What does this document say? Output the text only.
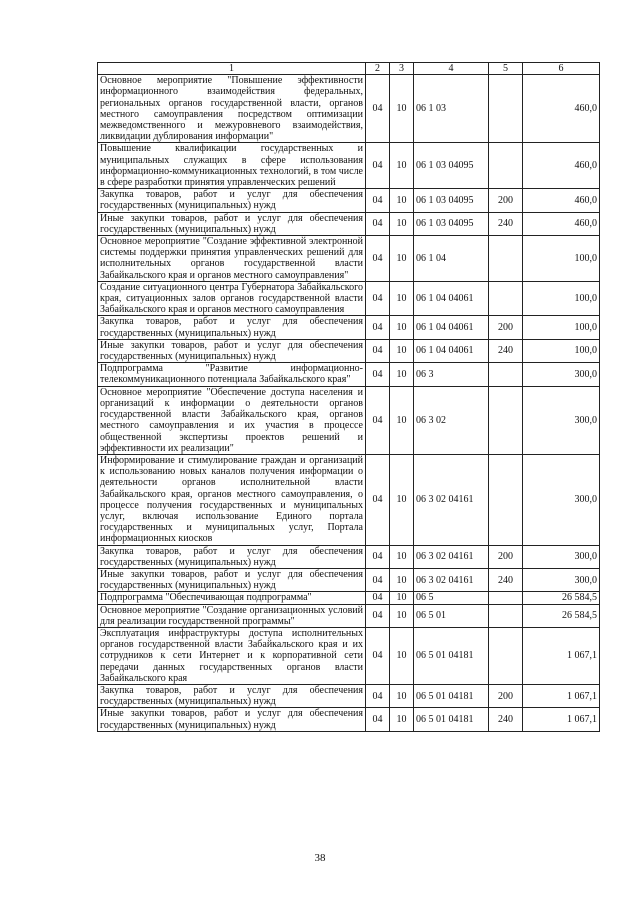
1	2	3	4	5	6
Основное мероприятие "Повышение эффективности информационного взаимодействия федеральных, региональных органов государственной власти, органов местного самоуправления посредством оптимизации межведомственного и межуровневого взаимодействия, ликвидации дублирования информации"	04	10	06 1 03		460,0
Повышение квалификации государственных и муниципальных служащих в сфере использования информационно-коммуникационных технологий, в том числе в сфере разработки принятия управленческих решений	04	10	06 1 03 04095		460,0
Закупка товаров, работ и услуг для обеспечения государственных (муниципальных) нужд	04	10	06 1 03 04095	200	460,0
Иные закупки товаров, работ и услуг для обеспечения государственных (муниципальных) нужд	04	10	06 1 03 04095	240	460,0
Основное мероприятие "Создание эффективной электронной системы поддержки принятия управленческих решений для исполнительных органов государственной власти Забайкальского края и органов местного самоуправления"	04	10	06 1 04		100,0
Создание ситуационного центра Губернатора Забайкальского края, ситуационных залов органов государственной власти Забайкальского края и органов местного самоуправления	04	10	06 1 04 04061		100,0
Закупка товаров, работ и услуг для обеспечения государственных (муниципальных) нужд	04	10	06 1 04 04061	200	100,0
Иные закупки товаров, работ и услуг для обеспечения государственных (муниципальных) нужд	04	10	06 1 04 04061	240	100,0
Подпрограмма "Развитие информационно-телекоммуникационного потенциала Забайкальского края"	04	10	06 3		300,0
Основное мероприятие "Обеспечение доступа населения и организаций к информации о деятельности органов государственной власти Забайкальского края, органов местного самоуправления и их участия в процессе общественной экспертизы проектов решений и эффективности их реализации"	04	10	06 3 02		300,0
Информирование и стимулирование граждан и организаций к использованию новых каналов получения информации о деятельности органов исполнительной власти Забайкальского края, органов местного самоуправления, о процессе получения государственных и муниципальных услуг, включая использование Единого портала государственных и муниципальных услуг, Портала информационных киосков	04	10	06 3 02 04161		300,0
Закупка товаров, работ и услуг для обеспечения государственных (муниципальных) нужд	04	10	06 3 02 04161	200	300,0
Иные закупки товаров, работ и услуг для обеспечения государственных (муниципальных) нужд	04	10	06 3 02 04161	240	300,0
Подпрограмма "Обеспечивающая подпрограмма"	04	10	06 5		26 584,5
Основное мероприятие "Создание организационных условий для реализации государственной программы"	04	10	06 5 01		26 584,5
Эксплуатация инфраструктуры доступа исполнительных органов государственной власти Забайкальского края и их сотрудников к сети Интернет и к корпоративной сети передачи данных государственных органов власти Забайкальского края	04	10	06 5 01 04181		1 067,1
Закупка товаров, работ и услуг для обеспечения государственных (муниципальных) нужд	04	10	06 5 01 04181	200	1 067,1
Иные закупки товаров, работ и услуг для обеспечения государственных (муниципальных) нужд	04	10	06 5 01 04181	240	1 067,1
38
